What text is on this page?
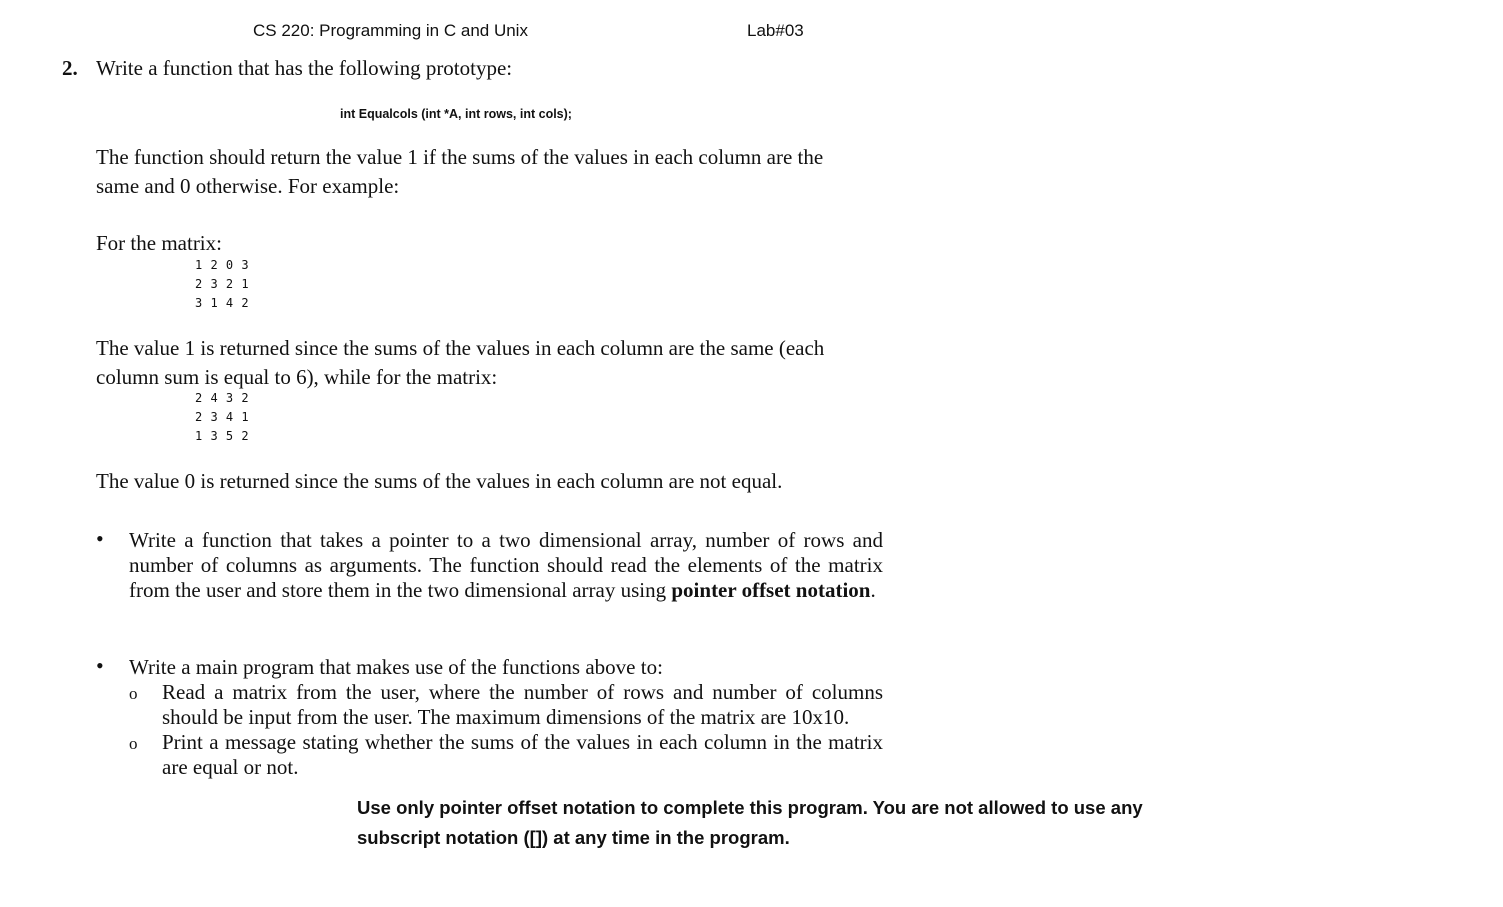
CS 220: Programming in C and Unix	Lab#03
2. Write a function that has the following prototype:
int Equalcols (int *A, int rows, int cols);
The function should return the value 1 if the sums of the values in each column are the
same and 0 otherwise. For example:
For the matrix:
1 2 0 3
2 3 2 1
3 1 4 2
The value 1 is returned since the sums of the values in each column are the same (each
column sum is equal to 6), while for the matrix:
2 4 3 2
2 3 4 1
1 3 5 2
The value 0 is returned since the sums of the values in each column are not equal.
• Write a function that takes a pointer to a two dimensional array, number of rows and number of columns as arguments. The function should read the elements of the matrix from the user and store them in the two dimensional array using pointer offset notation.
• Write a main program that makes use of the functions above to:
o Read a matrix from the user, where the number of rows and number of columns should be input from the user. The maximum dimensions of the matrix are 10x10.
o Print a message stating whether the sums of the values in each column in the matrix are equal or not.
Use only pointer offset notation to complete this program. You are not allowed to use any subscript notation ([]) at any time in the program.
